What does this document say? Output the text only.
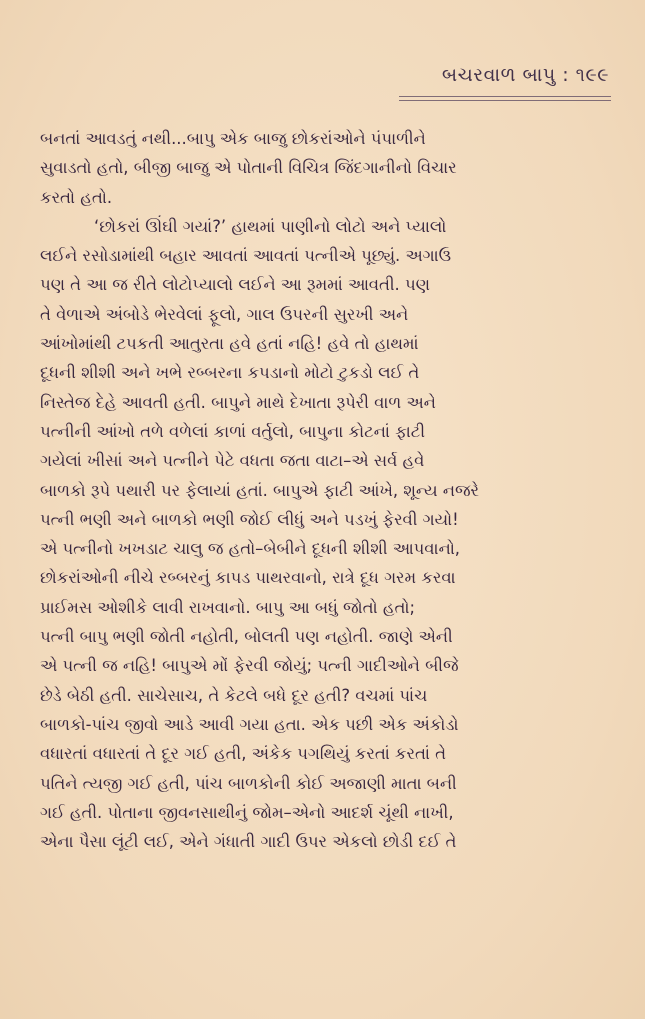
બચરવાળ બાપુ : ૧૯૯
બનતાં આવડતું નથી...બાપુ એક બાજુ છોકરાંઓને પંપાળીને
સુવાડતો હતો, બીજી બાજુ એ પોતાની વિચિત્ર જિંદગાનીનો વિચાર
કરતો હતો.
‘છોકરાં ઊંઘી ગયાં?’ હાથમાં પાણીનો લોટો અને પ્યાલો
લઈને રસોડામાંથી બહાર આવતાં આવતાં પત્નીએ પૂછ્યું. અગાઉ
પણ તે આ જ રીતે લોટોપ્યાલો લઈને આ રૂમમાં આવતી. પણ
તે વેળાએ અંબોડે ભેરવેલાં ફૂલો, ગાલ ઉપરની સુરખી અને
આંખોમાંથી ટપકતી આતુરતા હવે હતાં નહિ! હવે તો હાથમાં
દૂધની શીશી અને ખભે રબ્બરના કપડાનો મોટો ટુકડો લઈ તે
નિસ્તેજ દેહે આવતી હતી. બાપુને માથે દેખાતા રૂપેરી વાળ અને
પત્નીની આંખો તળે વળેલાં કાળાં વર્તુલો, બાપુના કોટનાં ફાટી
ગયેલાં ખીસાં અને પત્નીને પેટે વધતા જતા વાટા–એ સર્વ હવે
બાળકો રૂપે પથારી પર ફેલાયાં હતાં. બાપુએ ફાટી આંખે, શૂન્ય નજરે
પત્ની ભણી અને બાળકો ભણી જોઈ લીધું અને પડખું ફેરવી ગયો!
એ પત્નીનો ખખડાટ ચાલુ જ હતો–બેબીને દૂધની શીશી આપવાનો,
છોકરાંઓની નીચે રબ્બરનું કાપડ પાથરવાનો, રાત્રે દૂધ ગરમ કરવા
પ્રાઈમસ ઓશીકે લાવી રાખવાનો. બાપુ આ બધું જોતો હતો;
પત્ની બાપુ ભણી જોતી નહોતી, બોલતી પણ નહોતી. જાણે એની
એ પત્ની જ નહિ! બાપુએ મોં ફેરવી જોયું; પત્ની ગાદીઓને બીજે
છેડે બેઠી હતી. સાચેસાચ, તે કેટલે બધે દૂર હતી? વચમાં પાંચ
બાળકો-પાંચ જીવો આડે આવી ગયા હતા. એક પછી એક અંકોડો
વધારતાં વધારતાં તે દૂર ગઈ હતી, અંકેક પગથિયું કરતાં કરતાં તે
પતિને ત્યજી ગઈ હતી, પાંચ બાળકોની કોઈ અજાણી માતા બની
ગઈ હતી. પોતાના જીવનસાથીનું જોમ–એનો આદર્શ ચૂંથી નાખી,
એના પૈસા લૂંટી લઈ, એને ગંધાતી ગાદી ઉપર એકલો છોડી દઈ તે
